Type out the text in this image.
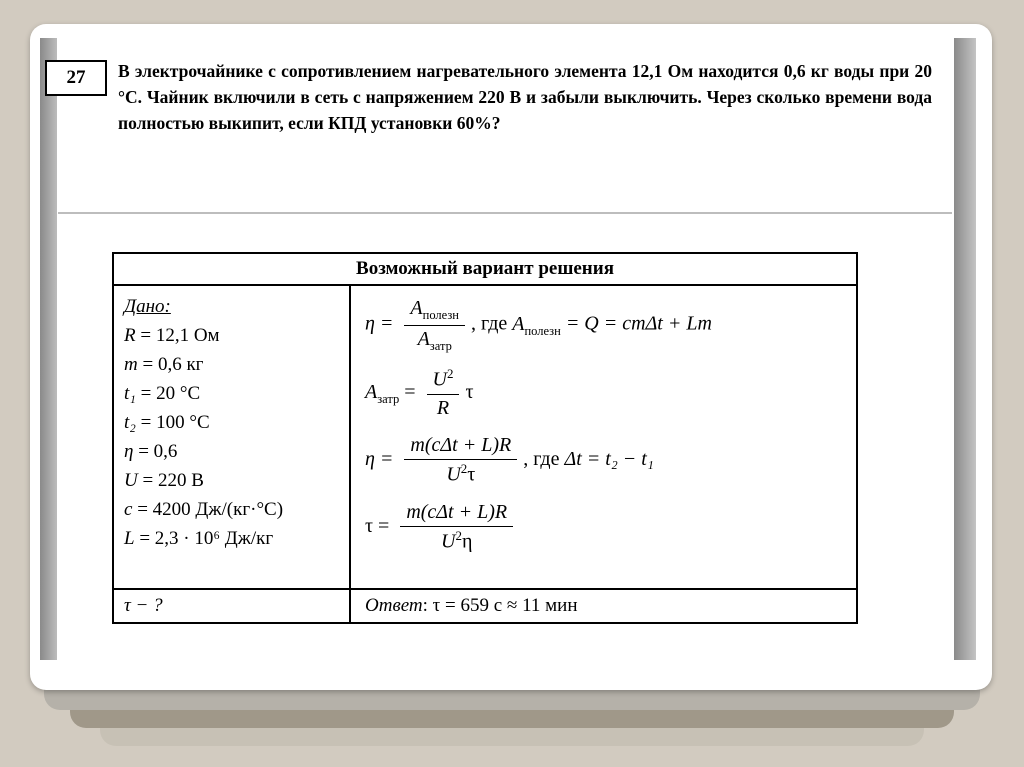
27	В электрочайнике с сопротивлением нагревательного элемента 12,1 Ом находится 0,6 кг воды при 20 °С. Чайник включили в сеть с напряжением 220 В и забыли выключить. Через сколько времени вода полностью выкипит, если КПД установки 60%?
Возможный вариант решения
Дано:
R = 12,1 Ом
m = 0,6 кг
t₁ = 20 °С
t₂ = 100 °С
η = 0,6
U = 220 В
c = 4200 Дж/(кг·°С)
L = 2,3 · 10⁶ Дж/кг
$\eta = \frac{A_{полезн}}{A_{затр}}$ , где $A_{полезн} = Q = cm\Delta t + Lm$
$A_{затр} = \frac{U^2}{R}$ τ
$\eta = \frac{\text{m(cΔt + L)R}}{U^2\tau}$ , где Δt = t₂ − t₁
$\tau = \frac{\text{m(cΔt + L)R}}{U^2\eta}$
τ − ?	Ответ: τ = 659 с ≈ 11 мин
